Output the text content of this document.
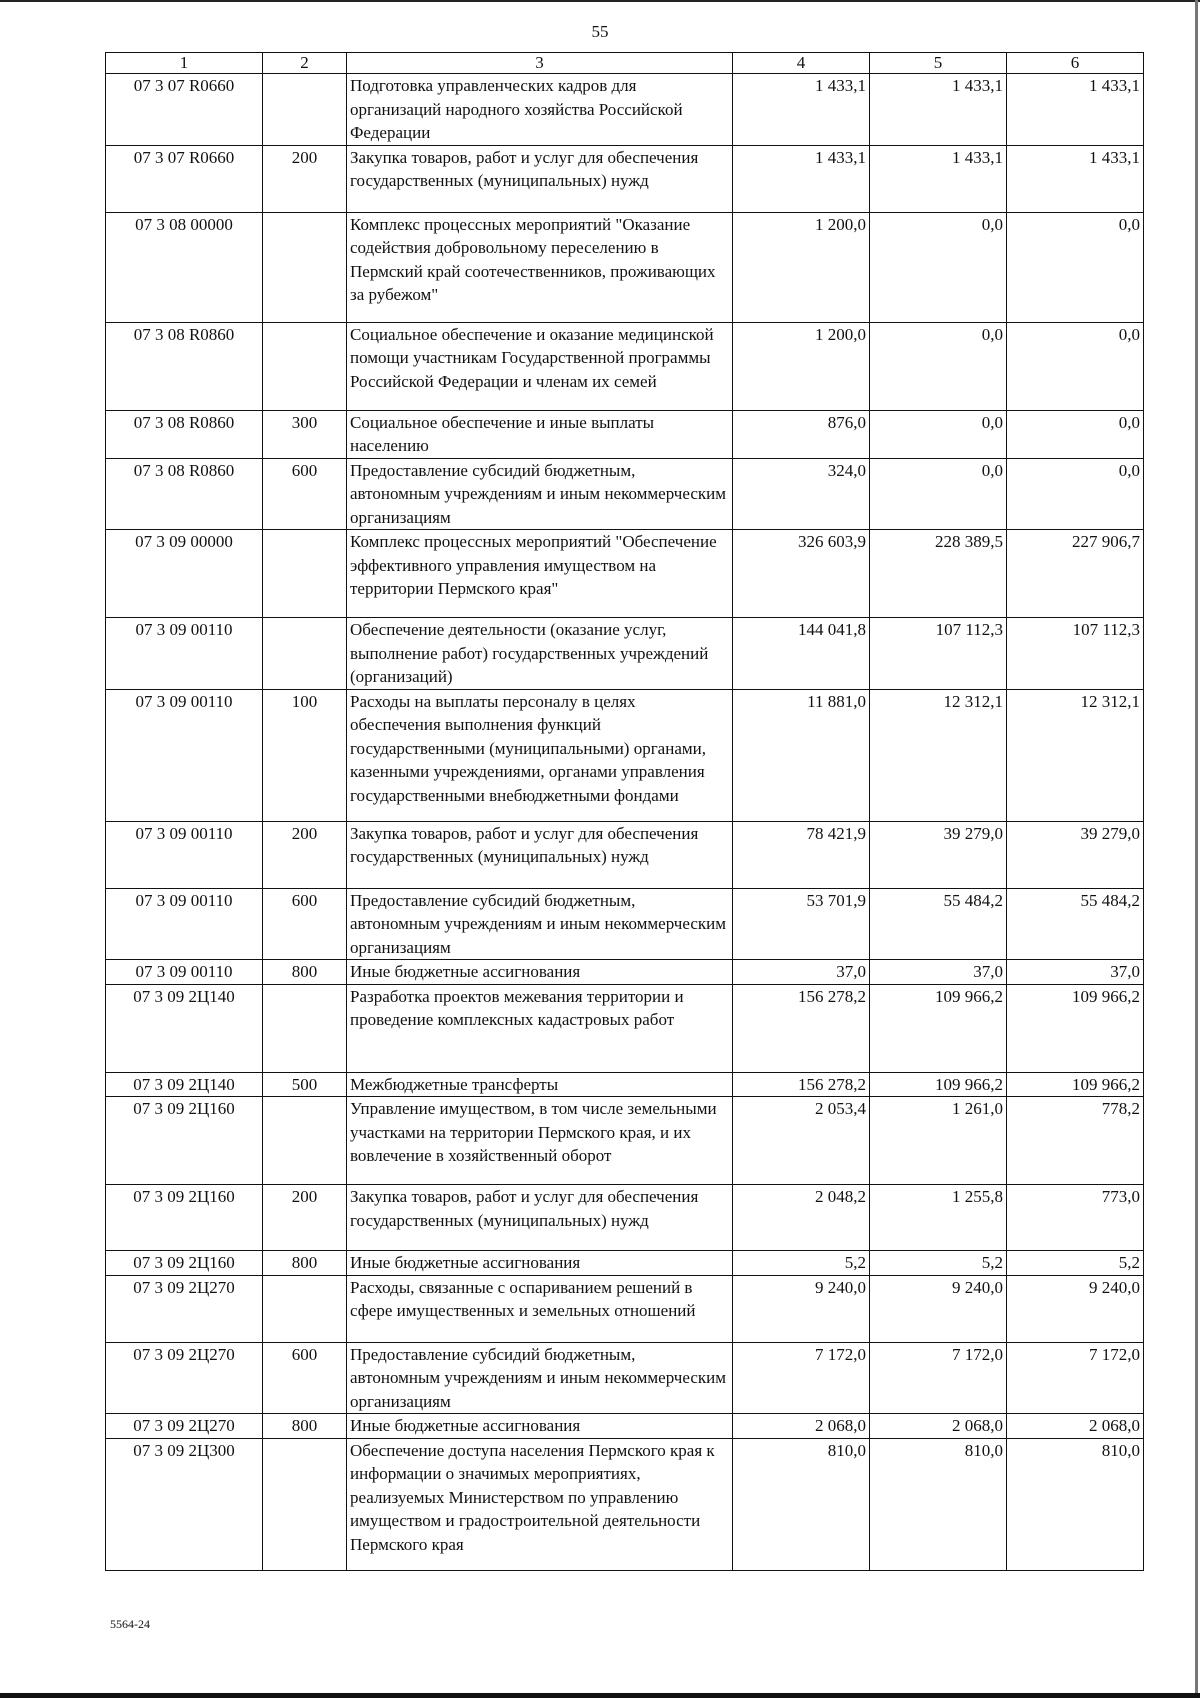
55
1	2	3	4	5	6
07 3 07 R0660		Подготовка управленческих кадров для организаций народного хозяйства Российской Федерации	1 433,1	1 433,1	1 433,1
07 3 07 R0660	200	Закупка товаров, работ и услуг для обеспечения государственных (муниципальных) нужд	1 433,1	1 433,1	1 433,1
07 3 08 00000		Комплекс процессных мероприятий "Оказание содействия добровольному переселению в Пермский край соотечественников, проживающих за рубежом"	1 200,0	0,0	0,0
07 3 08 R0860		Социальное обеспечение и оказание медицинской помощи участникам Государственной программы Российской Федерации и членам их семей	1 200,0	0,0	0,0
07 3 08 R0860	300	Социальное обеспечение и иные выплаты населению	876,0	0,0	0,0
07 3 08 R0860	600	Предоставление субсидий бюджетным, автономным учреждениям и иным некоммерческим организациям	324,0	0,0	0,0
07 3 09 00000		Комплекс процессных мероприятий "Обеспечение эффективного управления имуществом на территории Пермского края"	326 603,9	228 389,5	227 906,7
07 3 09 00110		Обеспечение деятельности (оказание услуг, выполнение работ) государственных учреждений (организаций)	144 041,8	107 112,3	107 112,3
07 3 09 00110	100	Расходы на выплаты персоналу в целях обеспечения выполнения функций государственными (муниципальными) органами, казенными учреждениями, органами управления государственными внебюджетными фондами	11 881,0	12 312,1	12 312,1
07 3 09 00110	200	Закупка товаров, работ и услуг для обеспечения государственных (муниципальных) нужд	78 421,9	39 279,0	39 279,0
07 3 09 00110	600	Предоставление субсидий бюджетным, автономным учреждениям и иным некоммерческим организациям	53 701,9	55 484,2	55 484,2
07 3 09 00110	800	Иные бюджетные ассигнования	37,0	37,0	37,0
07 3 09 2Ц140		Разработка проектов межевания территории и проведение комплексных кадастровых работ	156 278,2	109 966,2	109 966,2
07 3 09 2Ц140	500	Межбюджетные трансферты	156 278,2	109 966,2	109 966,2
07 3 09 2Ц160		Управление имуществом, в том числе земельными участками на территории Пермского края, и их вовлечение в хозяйственный оборот	2 053,4	1 261,0	778,2
07 3 09 2Ц160	200	Закупка товаров, работ и услуг для обеспечения государственных (муниципальных) нужд	2 048,2	1 255,8	773,0
07 3 09 2Ц160	800	Иные бюджетные ассигнования	5,2	5,2	5,2
07 3 09 2Ц270		Расходы, связанные с оспариванием решений в сфере имущественных и земельных отношений	9 240,0	9 240,0	9 240,0
07 3 09 2Ц270	600	Предоставление субсидий бюджетным, автономным учреждениям и иным некоммерческим организациям	7 172,0	7 172,0	7 172,0
07 3 09 2Ц270	800	Иные бюджетные ассигнования	2 068,0	2 068,0	2 068,0
07 3 09 2Ц300		Обеспечение доступа населения Пермского края к информации о значимых мероприятиях, реализуемых Министерством по управлению имуществом и градостроительной деятельности Пермского края	810,0	810,0	810,0
5564-24
